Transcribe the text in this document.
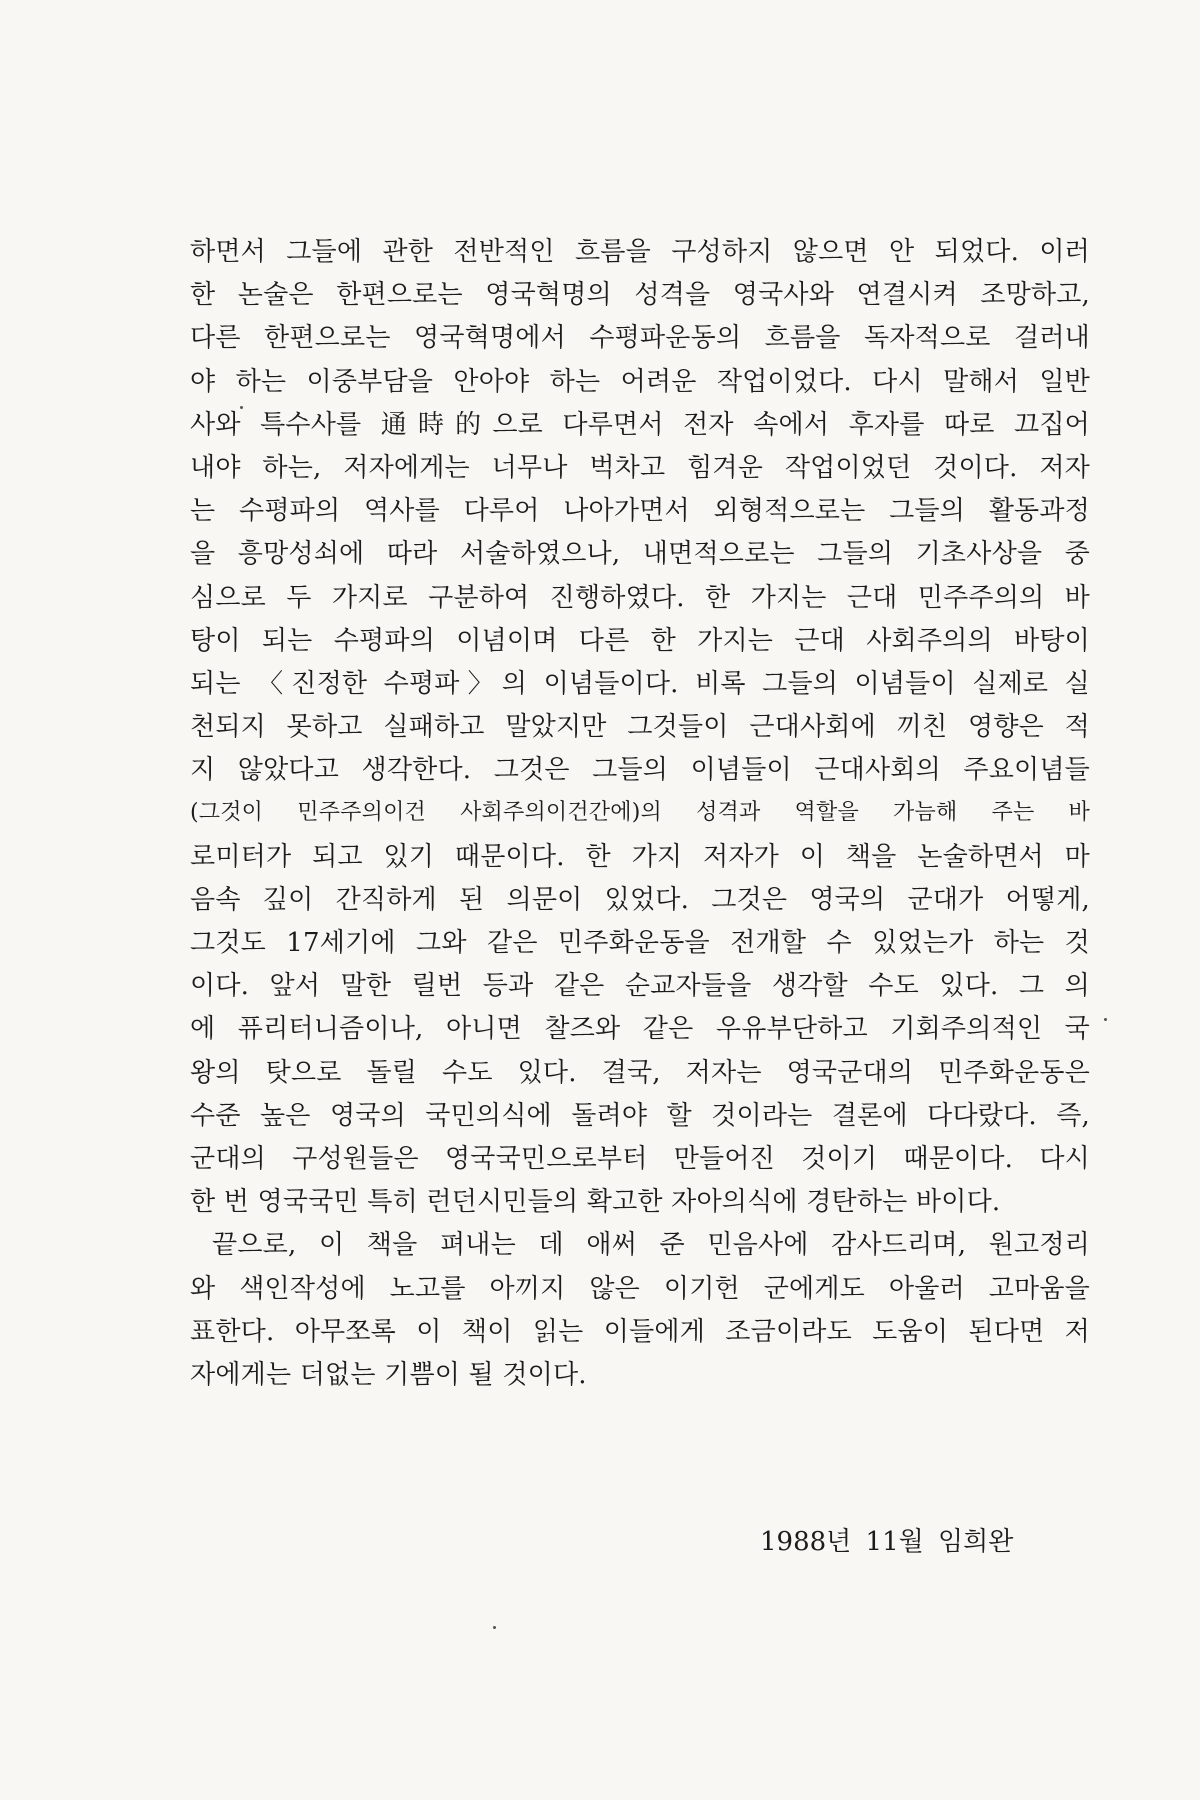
하면서 그들에 관한 전반적인 흐름을 구성하지 않으면 안 되었다. 이러
한 논술은 한편으로는 영국혁명의 성격을 영국사와 연결시켜 조망하고,
다른 한편으로는 영국혁명에서 수평파운동의 흐름을 독자적으로 걸러내
야 하는 이중부담을 안아야 하는 어려운 작업이었다. 다시 말해서 일반
사와 특수사를 通時的으로 다루면서 전자 속에서 후자를 따로 끄집어
내야 하는, 저자에게는 너무나 벅차고 힘겨운 작업이었던 것이다. 저자
는 수평파의 역사를 다루어 나아가면서 외형적으로는 그들의 활동과정
을 흥망성쇠에 따라 서술하였으나, 내면적으로는 그들의 기초사상을 중
심으로 두 가지로 구분하여 진행하였다. 한 가지는 근대 민주주의의 바
탕이 되는 수평파의 이념이며 다른 한 가지는 근대 사회주의의 바탕이
되는 〈진정한 수평파〉의 이념들이다. 비록 그들의 이념들이 실제로 실
천되지 못하고 실패하고 말았지만 그것들이 근대사회에 끼친 영향은 적
지 않았다고 생각한다. 그것은 그들의 이념들이 근대사회의 주요이념들
(그것이 민주주의이건 사회주의이건간에)의 성격과 역할을 가늠해 주는 바
로미터가 되고 있기 때문이다. 한 가지 저자가 이 책을 논술하면서 마
음속 깊이 간직하게 된 의문이 있었다. 그것은 영국의 군대가 어떻게,
그것도 17세기에 그와 같은 민주화운동을 전개할 수 있었는가 하는 것
이다. 앞서 말한 릴번 등과 같은 순교자들을 생각할 수도 있다. 그 의
에 퓨리터니즘이나, 아니면 찰즈와 같은 우유부단하고 기회주의적인 국
왕의 탓으로 돌릴 수도 있다. 결국, 저자는 영국군대의 민주화운동은
수준 높은 영국의 국민의식에 돌려야 할 것이라는 결론에 다다랐다. 즉,
군대의 구성원들은 영국국민으로부터 만들어진 것이기 때문이다. 다시
한 번 영국국민 특히 런던시민들의 확고한 자아의식에 경탄하는 바이다.
끝으로, 이 책을 펴내는 데 애써 준 민음사에 감사드리며, 원고정리
와 색인작성에 노고를 아끼지 않은 이기헌 군에게도 아울러 고마움을
표한다. 아무쪼록 이 책이 읽는 이들에게 조금이라도 도움이 된다면 저
자에게는 더없는 기쁨이 될 것이다.
1988년 11월 임희완
